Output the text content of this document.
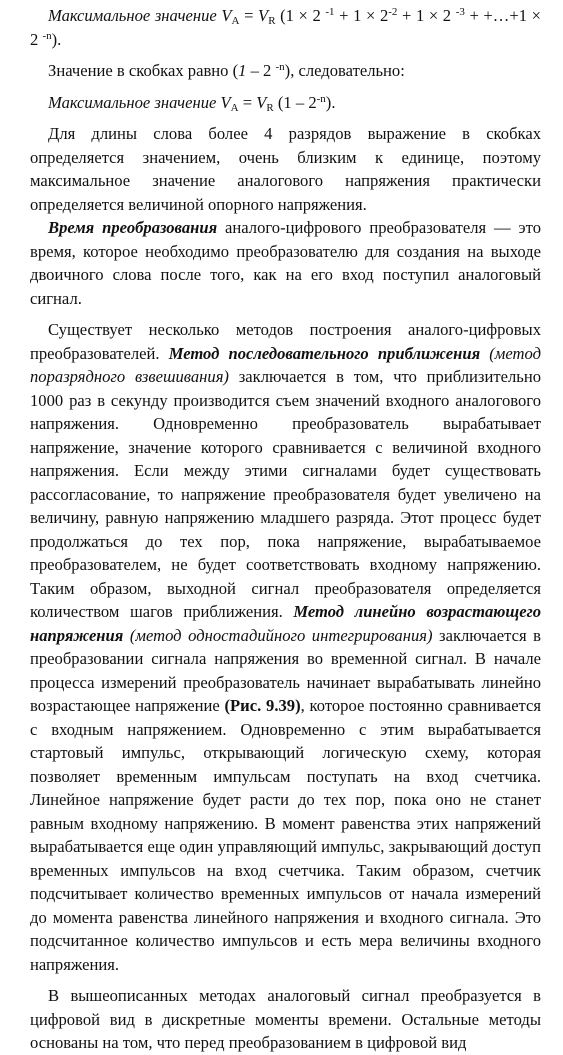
Максимальное значение $V_A = V_R$ (1 × 2 $^{-1} + 1 \times 2^{-2} + 1 \times 2$ $^{-3}$ + +…+1 × 2 $^{-n}$).

Значение в скобках равно (1 – 2 $^{-n}$), следовательно:

Максимальное значение $V_A = V_R$ $(1 - 2^{-n})$.

Для длины слова более 4 разрядов выражение в скобках определяется значением, очень близким к единице, поэтому максимальное значение аналогового напряжения практически определяется величиной опорного напряжения.

Время преобразования аналого-цифрового преобразователя — это время, которое необходимо преобразователю для создания на выходе двоичного слова после того, как на его вход поступил аналоговый сигнал.

Существует несколько методов построения аналого-цифровых преобразователей. Метод последовательного приближения (метод поразрядного взвешивания) заключается в том, что приблизительно 1000 раз в секунду производится съем значений входного аналогового напряжения. Одновременно преобразователь вырабатывает напряжение, значение которого сравнивается с величиной входного напряжения. Если между этими сигналами будет существовать рассогласование, то напряжение преобразователя будет увеличено на величину, равную напряжению младшего разряда. Этот процесс будет продолжаться до тех пор, пока напряжение, вырабатываемое преобразователем, не будет соответствовать входному напряжению. Таким образом, выходной сигнал преобразователя определяется количеством шагов приближения. Метод линейно возрастающего напряжения (метод одностадийного интегрирования) заключается в преобразовании сигнала напряжения во временной сигнал. В начале процесса измерений преобразователь начинает вырабатывать линейно возрастающее напряжение (Рис. 9.39), которое постоянно сравнивается с входным напряжением. Одновременно с этим вырабатывается стартовый импульс, открывающий логическую схему, которая позволяет временным импульсам поступать на вход счетчика. Линейное напряжение будет расти до тех пор, пока оно не станет равным входному напряжению. В момент равенства этих напряжений вырабатывается еще один управляющий импульс, закрывающий доступ временных импульсов на вход счетчика. Таким образом, счетчик подсчитывает количество временных импульсов от начала измерений до момента равенства линейного напряжения и входного сигнала. Это подсчитанное количество импульсов и есть мера величины входного напряжения.

В вышеописанных методах аналоговый сигнал преобразуется в цифровой вид в дискретные моменты времени. Остальные методы основаны на том, что перед преобразованием в цифровой вид
